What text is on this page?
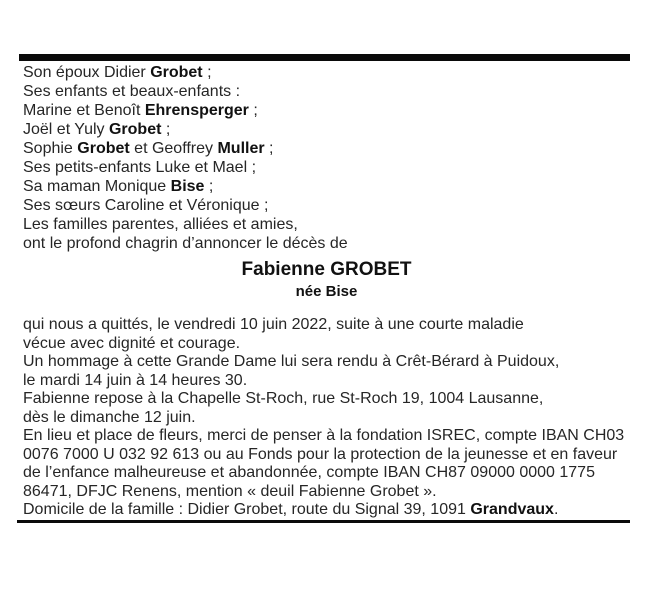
Son époux Didier Grobet ;
Ses enfants et beaux-enfants :
Marine et Benoît Ehrensperger ;
Joël et Yuly Grobet ;
Sophie Grobet et Geoffrey Muller ;
Ses petits-enfants Luke et Mael ;
Sa maman Monique Bise ;
Ses sœurs Caroline et Véronique ;
Les familles parentes, alliées et amies,
ont le profond chagrin d’annoncer le décès de
Fabienne GROBET
née Bise
qui nous a quittés, le vendredi 10 juin 2022, suite à une courte maladie
vécue avec dignité et courage.
Un hommage à cette Grande Dame lui sera rendu à Crêt-Bérard à Puidoux,
le mardi 14 juin à 14 heures 30.
Fabienne repose à la Chapelle St-Roch, rue St-Roch 19, 1004 Lausanne,
dès le dimanche 12 juin.
En lieu et place de fleurs, merci de penser à la fondation ISREC, compte IBAN CH03
0076 7000 U 032 92 613 ou au Fonds pour la protection de la jeunesse et en faveur
de l’enfance malheureuse et abandonnée, compte IBAN CH87 09000 0000 1775
86471, DFJC Renens, mention « deuil Fabienne Grobet ».
Domicile de la famille : Didier Grobet, route du Signal 39, 1091 Grandvaux.
